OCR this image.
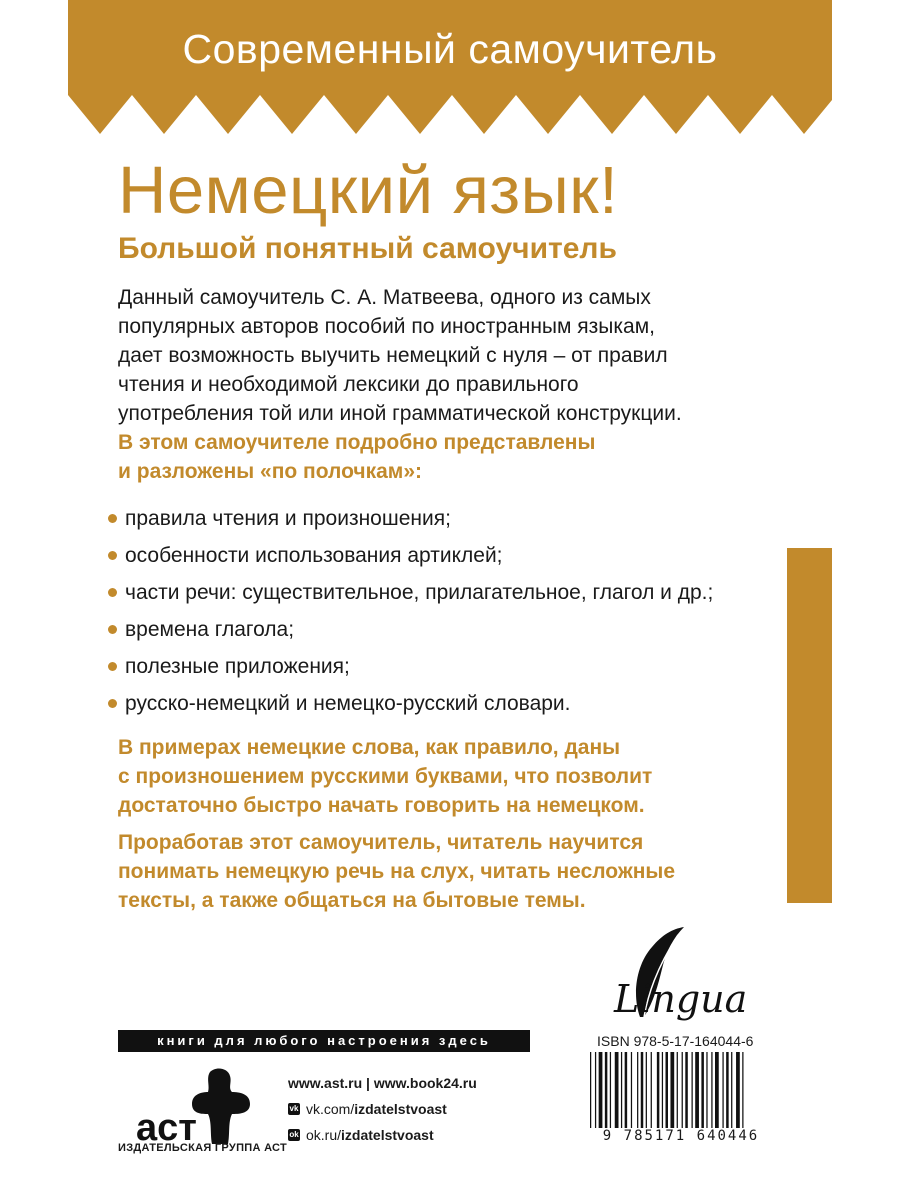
Современный самоучитель
Немецкий язык!
Большой понятный самоучитель

Данный самоучитель С. А. Матвеева, одного из самых
популярных авторов пособий по иностранным языкам,
дает возможность выучить немецкий с нуля – от правил
чтения и необходимой лексики до правильного
употребления той или иной грамматической конструкции.

В этом самоучителе подробно представлены
и разложены «по полочкам»:

правила чтения и произношения;
особенности использования артиклей;
части речи: существительное, прилагательное, глагол и др.;
времена глагола;
полезные приложения;
русско-немецкий и немецко-русский словари.

В примерах немецкие слова, как правило, даны
с произношением русскими буквами, что позволит
достаточно быстро начать говорить на немецком.

Проработав этот самоучитель, читатель научится
понимать немецкую речь на слух, читать несложные
тексты, а также общаться на бытовые темы.

Lingua
книги для любого настроения здесь
аст
ИЗДАТЕЛЬСКАЯ ГРУППА АСТ
www.ast.ru | www.book24.ru
vk vk.com/ izdatelstvoast
ok ok.ru/ izdatelstvoast
ISBN 978-5-17-164044-6
9 785171 640446
